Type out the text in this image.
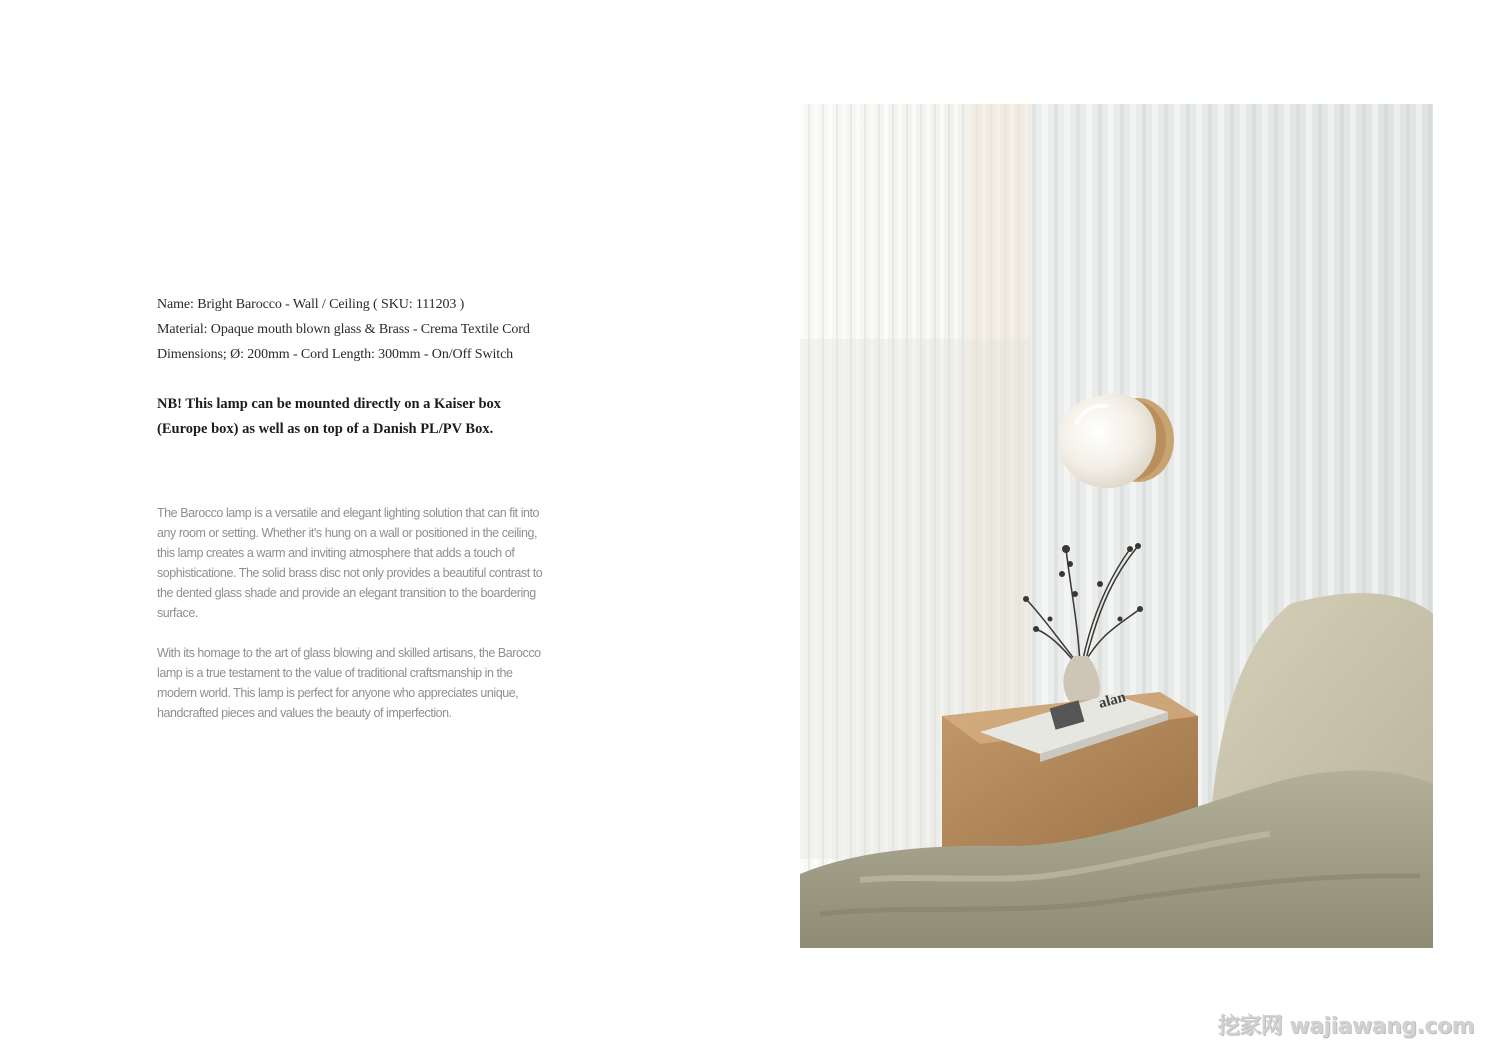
Name: Bright Barocco - Wall / Ceiling ( SKU: 111203 )
Material: Opaque mouth blown glass & Brass - Crema Textile Cord
Dimensions; Ø: 200mm - Cord Length: 300mm - On/Off Switch
NB! This lamp can be mounted directly on a Kaiser box
(Europe box) as well as on top of a Danish PL/PV Box.
The Barocco lamp is a versatile and elegant lighting solution that can fit into
any room or setting. Whether it's hung on a wall or positioned in the ceiling,
this lamp creates a warm and inviting atmosphere that adds a touch of
sophisticatione. The solid brass disc not only provides a beautiful contrast to
the dented glass shade and provide an elegant transition to the boardering
surface.
With its homage to the art of glass blowing and skilled artisans, the Barocco
lamp is a true testament to the value of traditional craftsmanship in the
modern world. This lamp is perfect for anyone who appreciates unique,
handcrafted pieces and values the beauty of imperfection.
alan
挖家网 wajiawang.com
